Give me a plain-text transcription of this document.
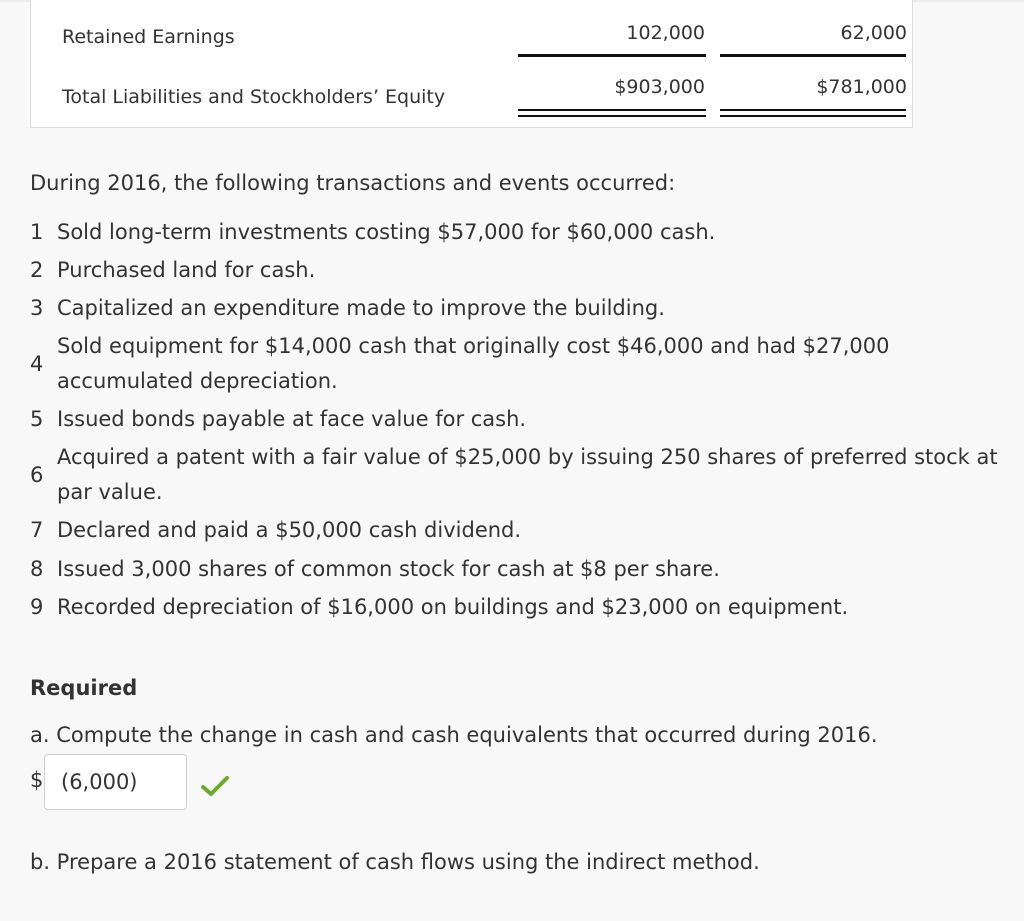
Retained Earnings	102,000	62,000
Total Liabilities and Stockholders’ Equity	$903,000	$781,000
During 2016, the following transactions and events occurred:
1 Sold long-term investments costing $57,000 for $60,000 cash.
2 Purchased land for cash.
3 Capitalized an expenditure made to improve the building.
4
Sold equipment for $14,000 cash that originally cost $46,000 and had $27,000
accumulated depreciation.
5 Issued bonds payable at face value for cash.
6
Acquired a patent with a fair value of $25,000 by issuing 250 shares of preferred stock at
par value.
7 Declared and paid a $50,000 cash dividend.
8 Issued 3,000 shares of common stock for cash at $8 per share.
9 Recorded depreciation of $16,000 on buildings and $23,000 on equipment.
Required
a. Compute the change in cash and cash equivalents that occurred during 2016.
$
(6,000)
b. Prepare a 2016 statement of cash flows using the indirect method.
